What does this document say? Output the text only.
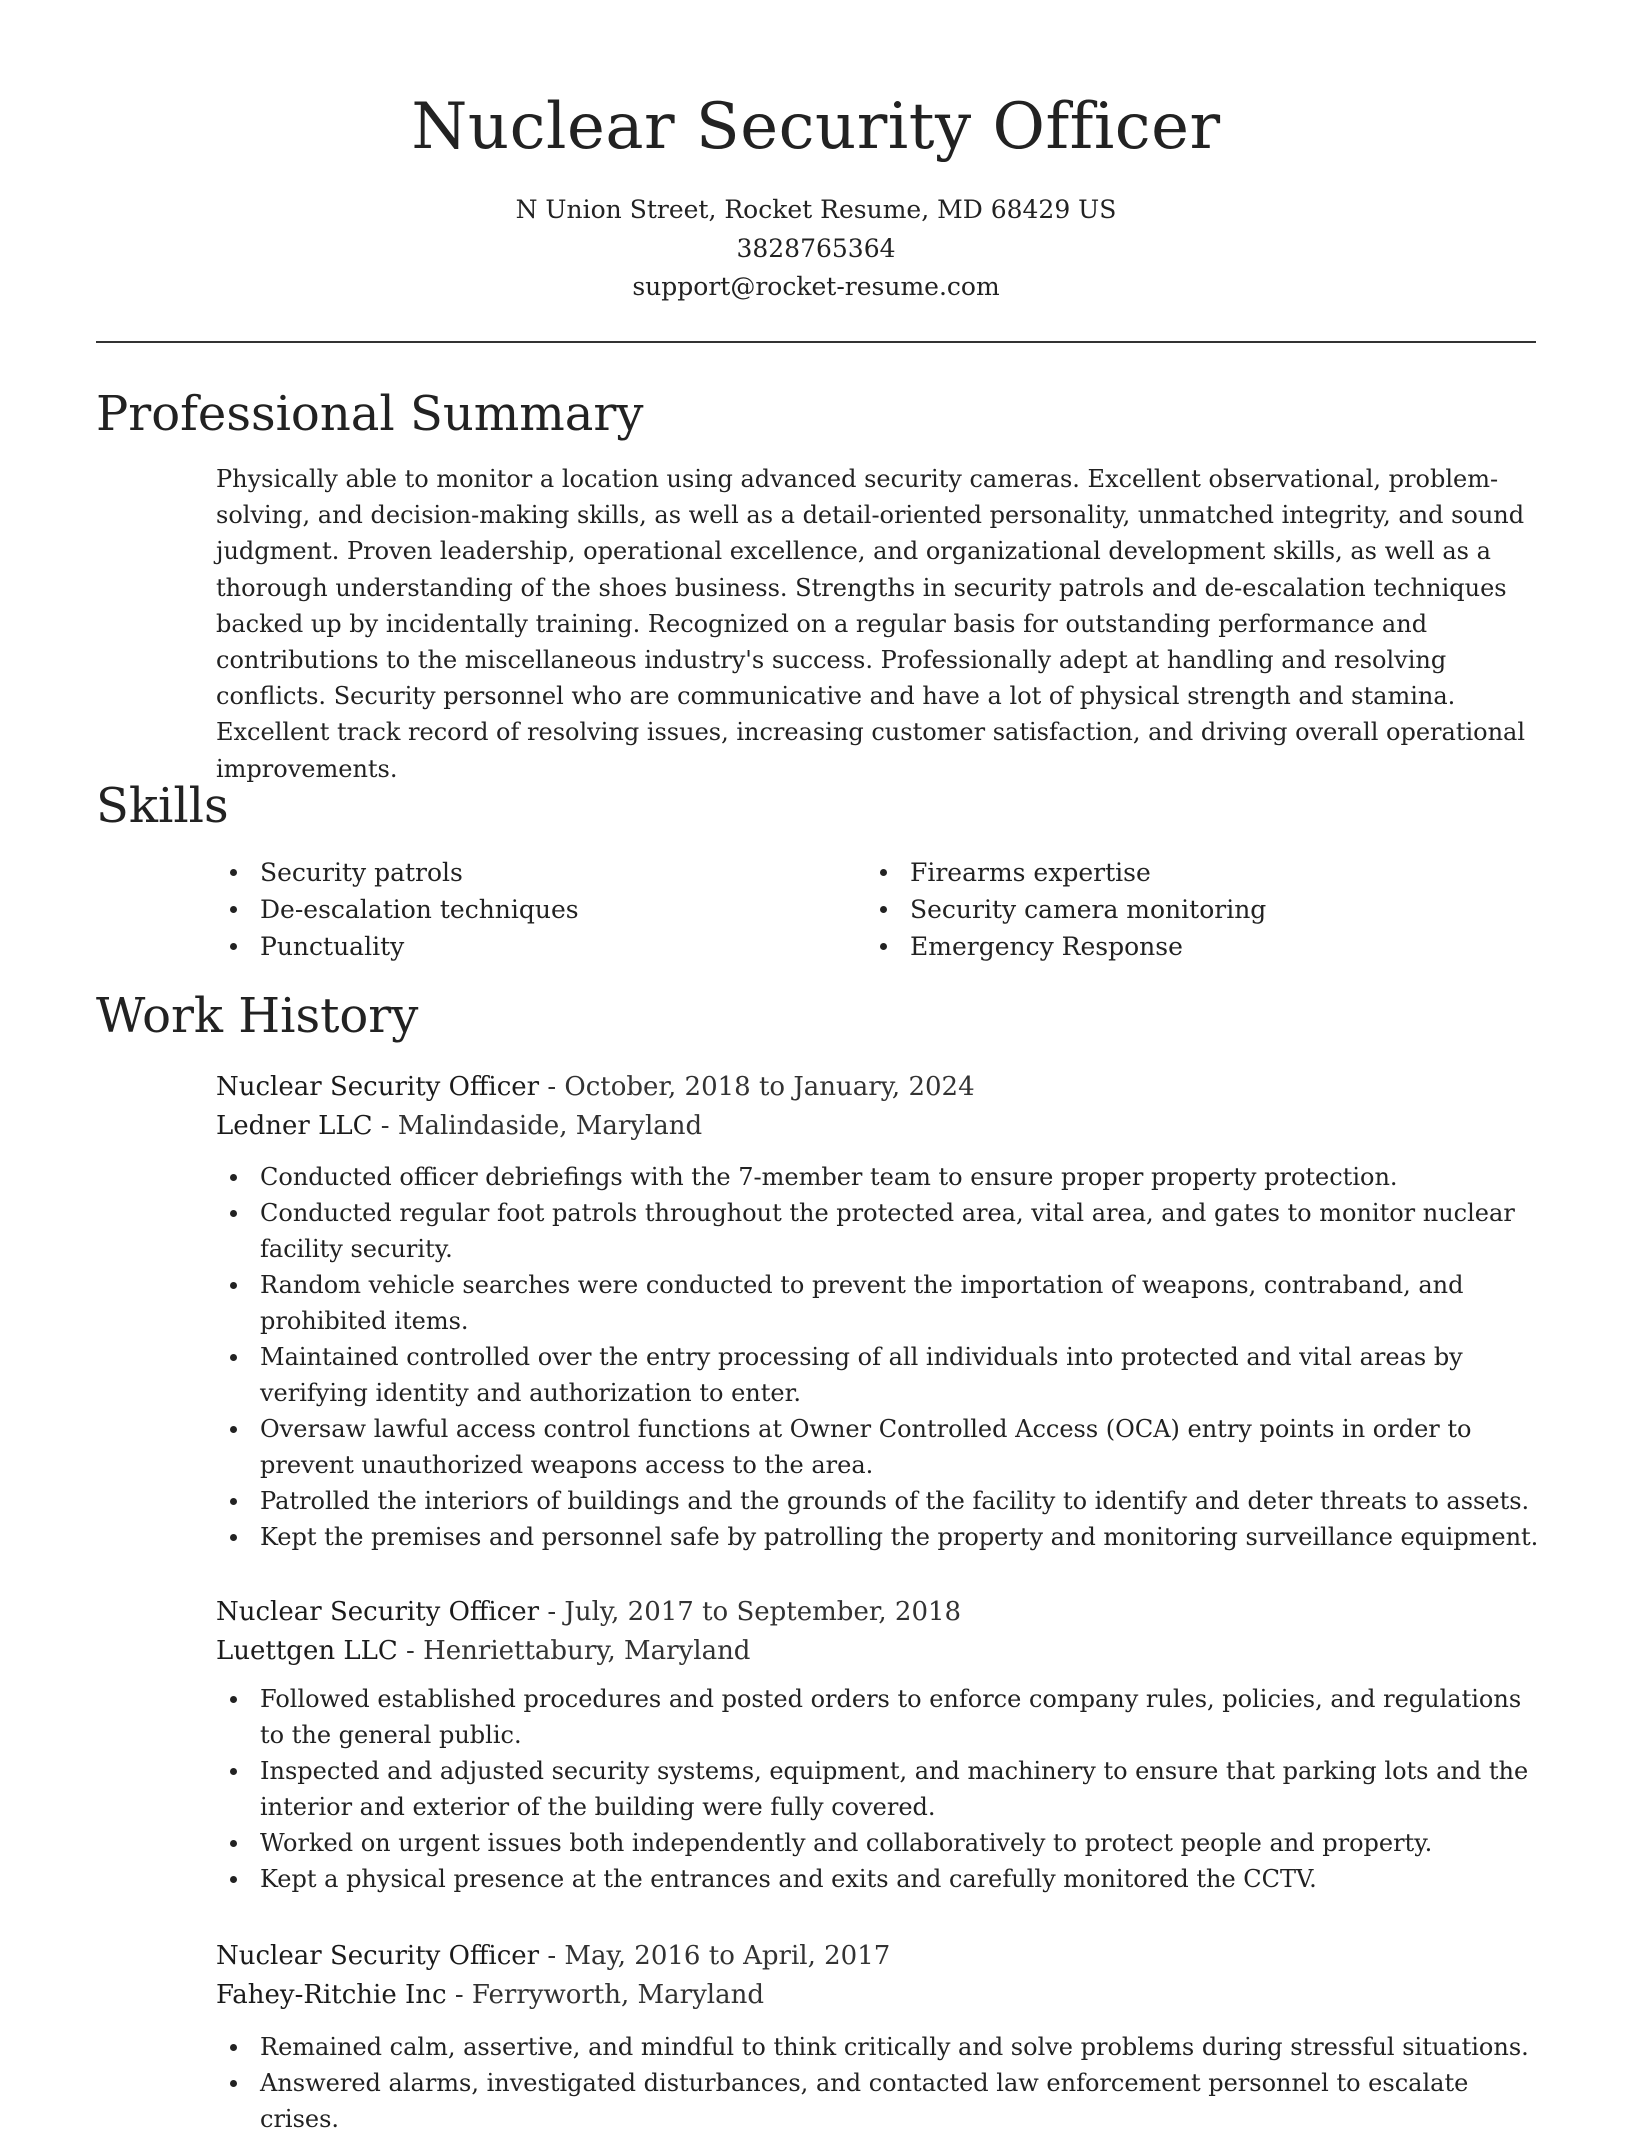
Nuclear Security Officer
N Union Street, Rocket Resume, MD 68429 US
3828765364
support@rocket-resume.com
Professional Summary

Physically able to monitor a location using advanced security cameras. Excellent observational, problem-solving, and decision-making skills, as well as a detail-oriented personality, unmatched integrity, and sound judgment. Proven leadership, operational excellence, and organizational development skills, as well as a thorough understanding of the shoes business. Strengths in security patrols and de-escalation techniques backed up by incidentally training. Recognized on a regular basis for outstanding performance and contributions to the miscellaneous industry's success. Professionally adept at handling and resolving conflicts. Security personnel who are communicative and have a lot of physical strength and stamina. Excellent track record of resolving issues, increasing customer satisfaction, and driving overall operational improvements.

Skills
Security patrols
De-escalation techniques
Punctuality
Firearms expertise
Security camera monitoring
Emergency Response
Work History
Nuclear Security Officer - October, 2018 to January, 2024
Ledner LLC - Malindaside, Maryland
Conducted officer debriefings with the 7-member team to ensure proper property protection.
Conducted regular foot patrols throughout the protected area, vital area, and gates to monitor nuclear facility security.
Random vehicle searches were conducted to prevent the importation of weapons, contraband, and prohibited items.
Maintained controlled over the entry processing of all individuals into protected and vital areas by verifying identity and authorization to enter.
Oversaw lawful access control functions at Owner Controlled Access (OCA) entry points in order to prevent unauthorized weapons access to the area.
Patrolled the interiors of buildings and the grounds of the facility to identify and deter threats to assets.
Kept the premises and personnel safe by patrolling the property and monitoring surveillance equipment.
Nuclear Security Officer - July, 2017 to September, 2018
Luettgen LLC - Henriettabury, Maryland
Followed established procedures and posted orders to enforce company rules, policies, and regulations to the general public.
Inspected and adjusted security systems, equipment, and machinery to ensure that parking lots and the interior and exterior of the building were fully covered.
Worked on urgent issues both independently and collaboratively to protect people and property.
Kept a physical presence at the entrances and exits and carefully monitored the CCTV.
Nuclear Security Officer - May, 2016 to April, 2017
Fahey-Ritchie Inc - Ferryworth, Maryland
Remained calm, assertive, and mindful to think critically and solve problems during stressful situations.
Answered alarms, investigated disturbances, and contacted law enforcement personnel to escalate crises.
